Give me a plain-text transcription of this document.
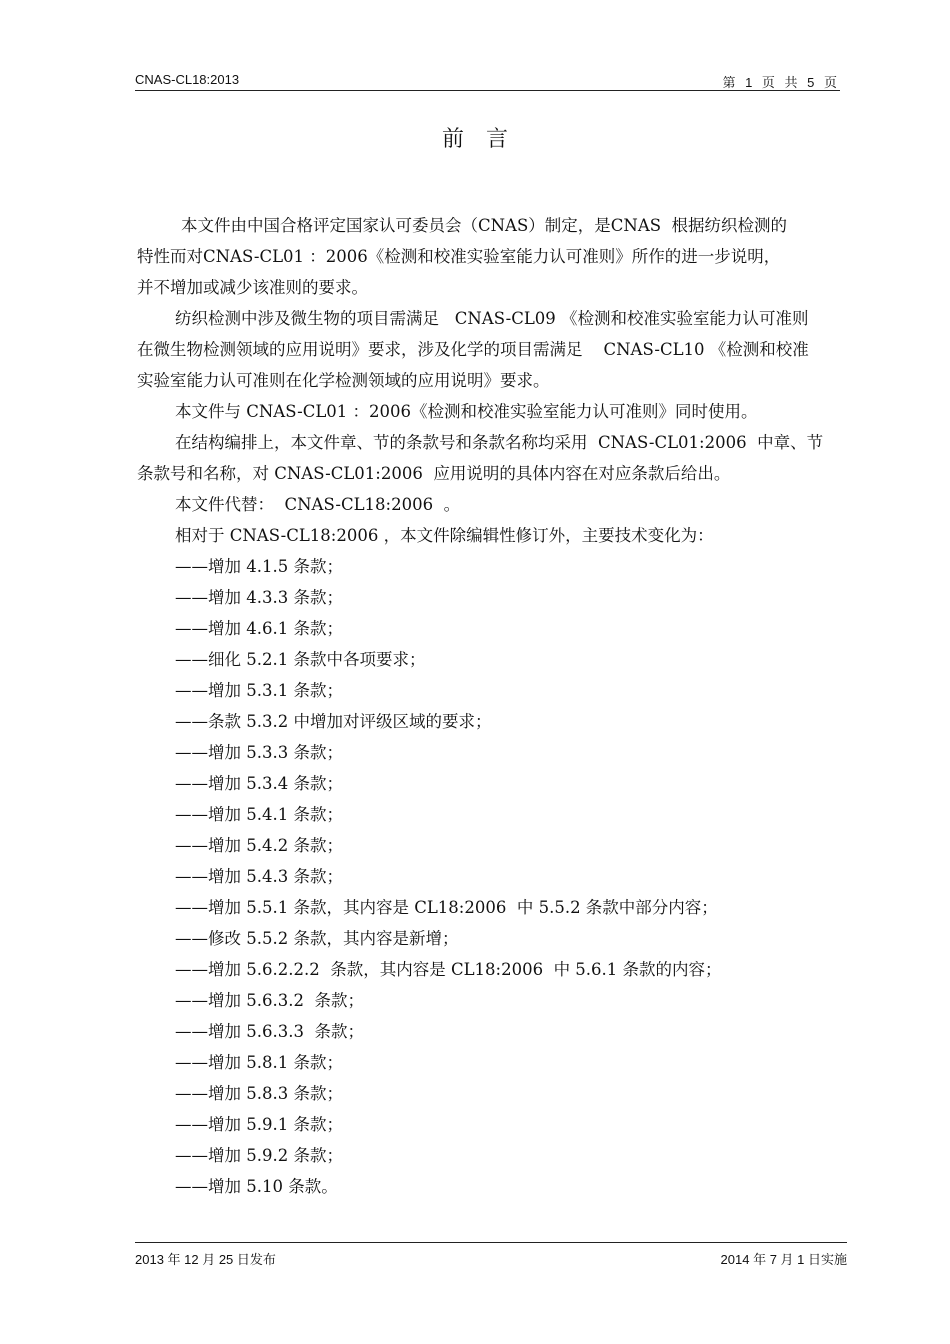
CNAS-CL18:2013	第 1 页 共 5 页
前言
本文件由中国合格评定国家认可委员会（CNAS）制定，是CNAS  根据纺织检测的
特性而对CNAS-CL01 ：2006《检测和校准实验室能力认可准则》所作的进一步说明，
并不增加或减少该准则的要求。
纺织检测中涉及微生物的项目需满足   CNAS-CL09 《检测和校准实验室能力认可准则
在微生物检测领域的应用说明》要求，涉及化学的项目需满足    CNAS-CL10 《检测和校准
实验室能力认可准则在化学检测领域的应用说明》要求。
本文件与 CNAS-CL01 ：2006《检测和校准实验室能力认可准则》同时使用。
在结构编排上，本文件章、节的条款号和条款名称均采用  CNAS-CL01:2006  中章、节
条款号和名称，对 CNAS-CL01:2006  应用说明的具体内容在对应条款后给出。
本文件代替：  CNAS-CL18:2006  。
相对于 CNAS-CL18:2006 ，本文件除编辑性修订外，主要技术变化为：
——增加 4.1.5 条款；
——增加 4.3.3 条款；
——增加 4.6.1 条款；
——细化 5.2.1 条款中各项要求；
——增加 5.3.1 条款；
——条款 5.3.2 中增加对评级区域的要求；
——增加 5.3.3 条款；
——增加 5.3.4 条款；
——增加 5.4.1 条款；
——增加 5.4.2 条款；
——增加 5.4.3 条款；
——增加 5.5.1 条款，其内容是 CL18:2006  中 5.5.2 条款中部分内容；
——修改 5.5.2 条款，其内容是新增；
——增加 5.6.2.2.2  条款，其内容是 CL18:2006  中 5.6.1 条款的内容；
——增加 5.6.3.2  条款；
——增加 5.6.3.3  条款；
——增加 5.8.1 条款；
——增加 5.8.3 条款；
——增加 5.9.1 条款；
——增加 5.9.2 条款；
——增加 5.10 条款。
2013 年 12 月 25 日发布	2014 年 7 月 1 日实施
